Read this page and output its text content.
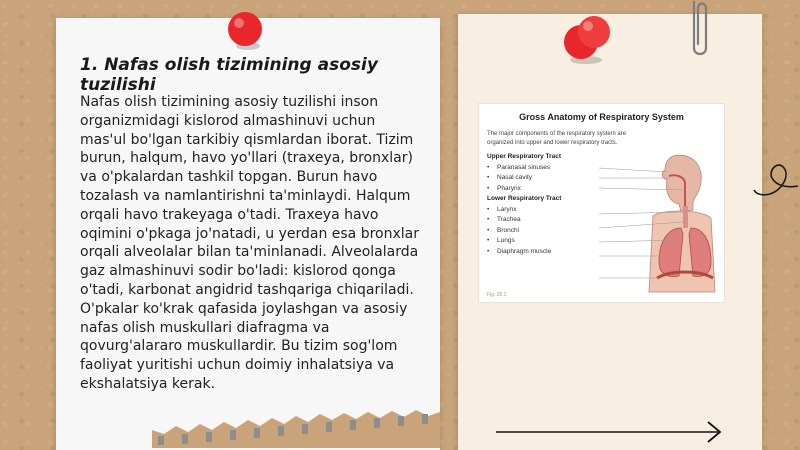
1. Nafas olish tizimining asosiy tuzilishi

Nafas olish tizimining asosiy tuzilishi inson organizmidagi kislorod almashinuvi uchun mas'ul bo'lgan tarkibiy qismlardan iborat. Tizim burun, halqum, havo yo'llari (traxeya, bronxlar) va o'pkalardan tashkil topgan. Burun havo tozalash va namlantirishni ta'minlaydi. Halqum orqali havo trakeyaga o'tadi. Traxeya havo oqimini o'pkaga jo'natadi, u yerdan esa bronxlar orqali alveolalar bilan ta'minlanadi. Alveolalarda gaz almashinuvi sodir bo'ladi: kislorod qonga o'tadi, karbonat angidrid tashqariga chiqariladi. O'pkalar ko'krak qafasida joylashgan va asosiy nafas olish muskullari diafragma va qovurg'alararo muskullardir. Bu tizim sog'lom faoliyat yuritishi uchun doimiy inhalatsiya va ekshalatsiya kerak.

Gross Anatomy of Respiratory System
The major components of the respiratory system are organized into upper and lower respiratory tracts.
Upper Respiratory Tract
• Paranasal sinuses
• Nasal cavity
• Pharynx
Lower Respiratory Tract
• Larynx
• Trachea
• Bronchi
• Lungs
• Diaphragm muscle
Fig. 25.1
